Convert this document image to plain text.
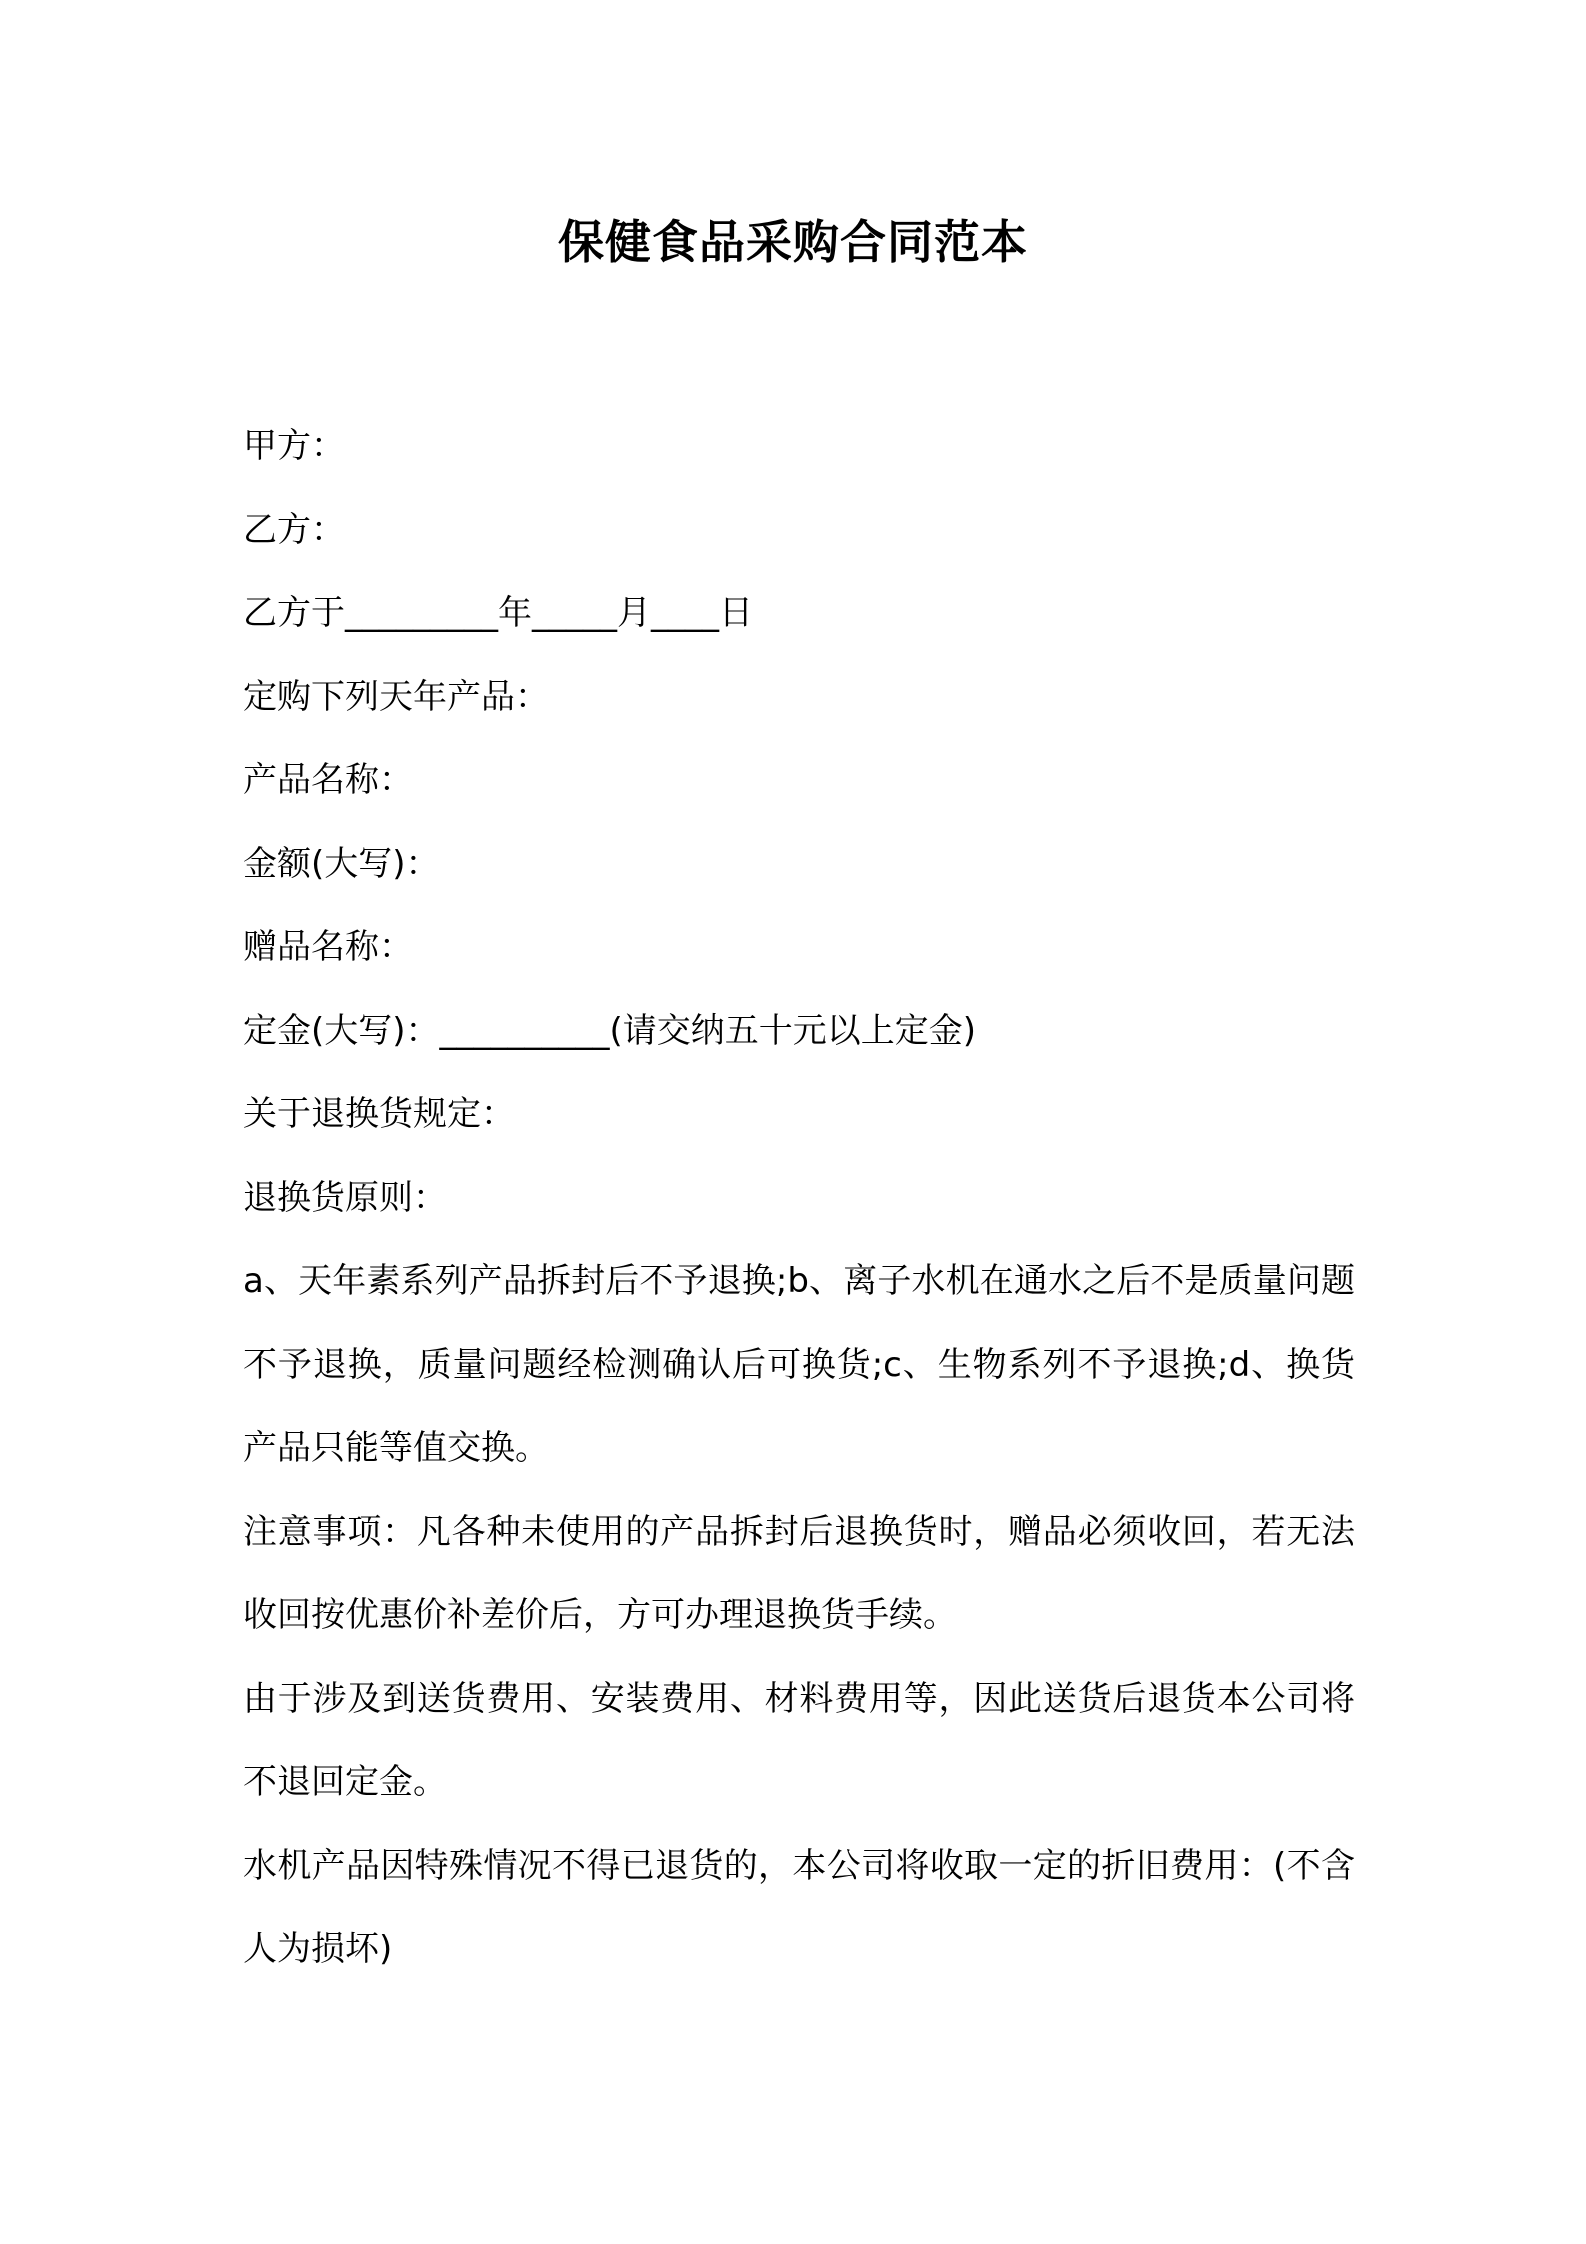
保健食品采购合同范本
甲方：
乙方：
乙方于_________年_____月____日
定购下列天年产品：
产品名称：
金额(大写)：
赠品名称：
定金(大写)：__________(请交纳五十元以上定金)
关于退换货规定：
退换货原则：
a、天年素系列产品拆封后不予退换;b、离子水机在通水之后不是质量问题不予退换，质量问题经检测确认后可换货;c、生物系列不予退换;d、换货产品只能等值交换。
注意事项：凡各种未使用的产品拆封后退换货时，赠品必须收回，若无法收回按优惠价补差价后，方可办理退换货手续。
由于涉及到送货费用、安装费用、材料费用等，因此送货后退货本公司将不退回定金。
水机产品因特殊情况不得已退货的，本公司将收取一定的折旧费用：(不含人为损坏)
